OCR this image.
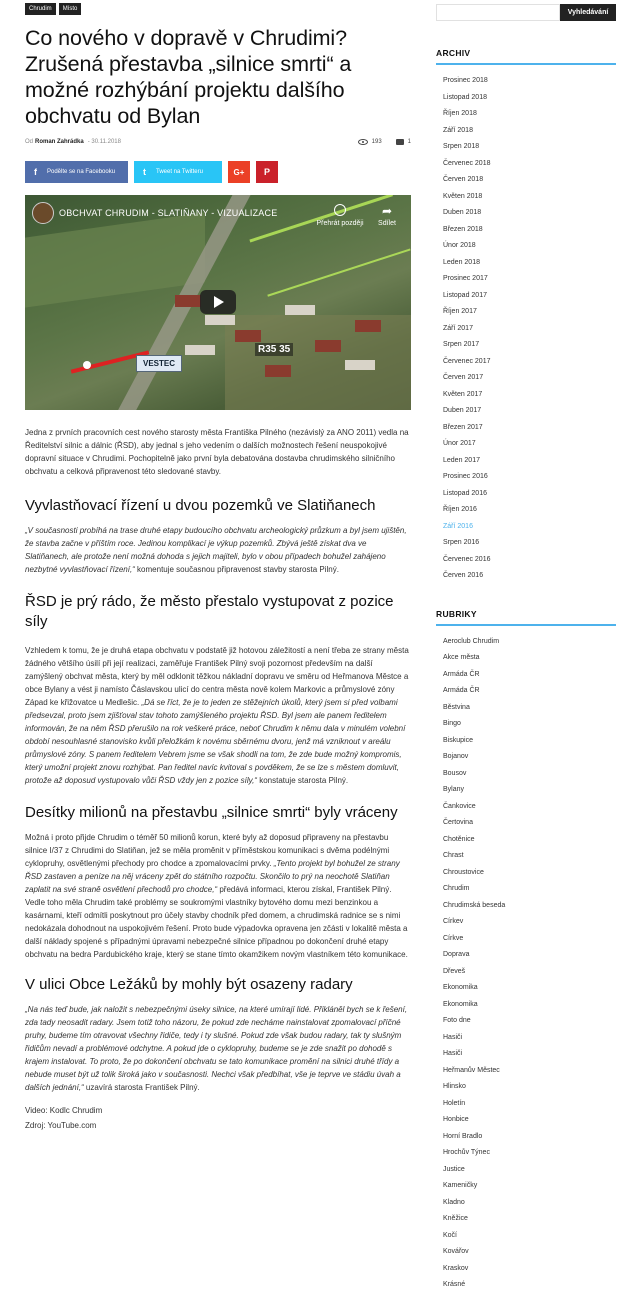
Chrudim	Místo
Co nového v dopravě v Chrudimi? Zrušená přestavba „silnice smrti“ a možné rozhýbání projektu dalšího obchvatu od Bylan
Od Roman Zahrádka - 30.11.2018	193	1
f Podělte se na Facebooku	t Tweet na Twitteru	G+	P
OBCHVAT CHRUDIM - SLATIŇANY - VIZUALIZACE
Přehrát později
➦
Sdílet
R35 35
VESTEC

Jedna z prvních pracovních cest nového starosty města Františka Pilného (nezávislý za ANO 2011) vedla na Ředitelství silnic a dálnic (ŘSD), aby jednal s jeho vedením o dalších možnostech řešení neuspokojivé dopravní situace v Chrudimi. Pochopitelně jako první byla debatována dostavba chrudimského silničního obchvatu a celková připravenost této sledované stavby.

Vyvlastňovací řízení u dvou pozemků ve Slatiňanech

„V současnosti probíhá na trase druhé etapy budoucího obchvatu archeologický průzkum a byl jsem ujištěn, že stavba začne v příštím roce. Jedinou komplikací je výkup pozemků. Zbývá ještě získat dva ve Slatiňanech, ale protože není možná dohoda s jejich majiteli, bylo v obou případech bohužel zahájeno nezbytné vyvlastňovací řízení,“ komentuje současnou připravenost stavby starosta Pilný.

ŘSD je prý rádo, že město přestalo vystupovat z pozice síly

Vzhledem k tomu, že je druhá etapa obchvatu v podstatě již hotovou záležitostí a není třeba ze strany města žádného většího úsilí při její realizaci, zaměřuje František Pilný svoji pozornost především na další zamýšlený obchvat města, který by měl odklonit těžkou nákladní dopravu ve směru od Heřmanova Městce a obce Bylany a vést ji namísto Čáslavskou ulicí do centra města nově kolem Markovic a průmyslové zóny Západ ke křižovatce u Medlešic. „Dá se říct, že je to jeden ze stěžejních úkolů, který jsem si před volbami předsevzal, proto jsem zjišťoval stav tohoto zamýšleného projektu ŘSD. Byl jsem ale panem ředitelem informován, že na něm ŘSD přerušilo na rok veškeré práce, neboť Chrudim k němu dala v minulém volební období nesouhlasné stanovisko kvůli přeložkám k novému sběrnému dvoru, jenž má vzniknout v areálu průmyslové zóny. S panem ředitelem Vebrem jsme se však shodli na tom, že zde bude možný kompromis, který umožní projekt znovu rozhýbat. Pan ředitel navíc kvitoval s povděkem, že se lze s městem domluvit, protože až doposud vystupovalo vůči ŘSD vždy jen z pozice síly,“ konstatuje starosta Pilný.

Desítky milionů na přestavbu „silnice smrti“ byly vráceny

Možná i proto přijde Chrudim o téměř 50 milionů korun, které byly až doposud připraveny na přestavbu silnice I/37 z Chrudimi do Slatiňan, jež se měla proměnit v příměstskou komunikaci s dvěma podélnými cyklopruhy, osvětlenými přechody pro chodce a zpomalovacími prvky. „Tento projekt byl bohužel ze strany ŘSD zastaven a peníze na něj vráceny zpět do státního rozpočtu. Skončilo to prý na neochotě Slatiňan zaplatit na své straně osvětlení přechodů pro chodce,“ předává informaci, kterou získal, František Pilný. Vedle toho měla Chrudim také problémy se soukromými vlastníky bytového domu mezi benzinkou a kasárnami, kteří odmítli poskytnout pro účely stavby chodník před domem, a chrudimská radnice se s nimi nedokázala dohodnout na uspokojivém řešení. Proto bude výpadovka opravena jen zčásti v lokalitě města a další náklady spojené s případnými úpravami nebezpečné silnice případnou po dokončení druhé etapy obchvatu na bedra Pardubického kraje, který se stane tímto okamžikem novým vlastníkem této komunikace.

V ulici Obce Ležáků by mohly být osazeny radary

„Na nás teď bude, jak naložit s nebezpečnými úseky silnice, na které umírají lidé. Přikláněl bych se k řešení, zda tady neosadit radary. Jsem totiž toho názoru, že pokud zde necháme nainstalovat zpomalovací příčné pruhy, budeme tím otravovat všechny řidiče, tedy i ty slušné. Pokud zde však budou radary, tak ty slušným řidičům nevadí a problémové odchytne. A pokud jde o cyklopruhy, budeme se je zde snažit po dohodě s krajem instalovat. To proto, že po dokončení obchvatu se tato komunikace promění na silnici druhé třídy a nebude muset být už tolik široká jako v současnosti. Nechci však předbíhat, vše je teprve ve stádiu úvah a dalších jednání,“ uzavírá starosta František Pilný.

Video: Kodlc Chrudim

Zdroj: YouTube.com

Vyhledávání
ARCHIV
Prosinec 2018
Listopad 2018
Říjen 2018
Září 2018
Srpen 2018
Červenec 2018
Červen 2018
Květen 2018
Duben 2018
Březen 2018
Únor 2018
Leden 2018
Prosinec 2017
Listopad 2017
Říjen 2017
Září 2017
Srpen 2017
Červenec 2017
Červen 2017
Květen 2017
Duben 2017
Březen 2017
Únor 2017
Leden 2017
Prosinec 2016
Listopad 2016
Říjen 2016
Září 2016
Srpen 2016
Červenec 2016
Červen 2016
RUBRIKY
Aeroclub Chrudim
Akce města
Armáda ČR
Armáda ČR
Běstvina
Bingo
Biskupice
Bojanov
Bousov
Bylany
Čankovice
Čertovina
Chotěnice
Chrast
Chroustovice
Chrudim
Chrudimská beseda
Církev
Církve
Doprava
Dřeveš
Ekonomika
Ekonomika
Foto dne
Hasiči
Hasiči
Heřmanův Městec
Hlinsko
Holetín
Honbice
Horní Bradlo
Hrochův Týnec
Justice
Kameničky
Kladno
Kněžice
Kočí
Kovářov
Kraskov
Krásné
